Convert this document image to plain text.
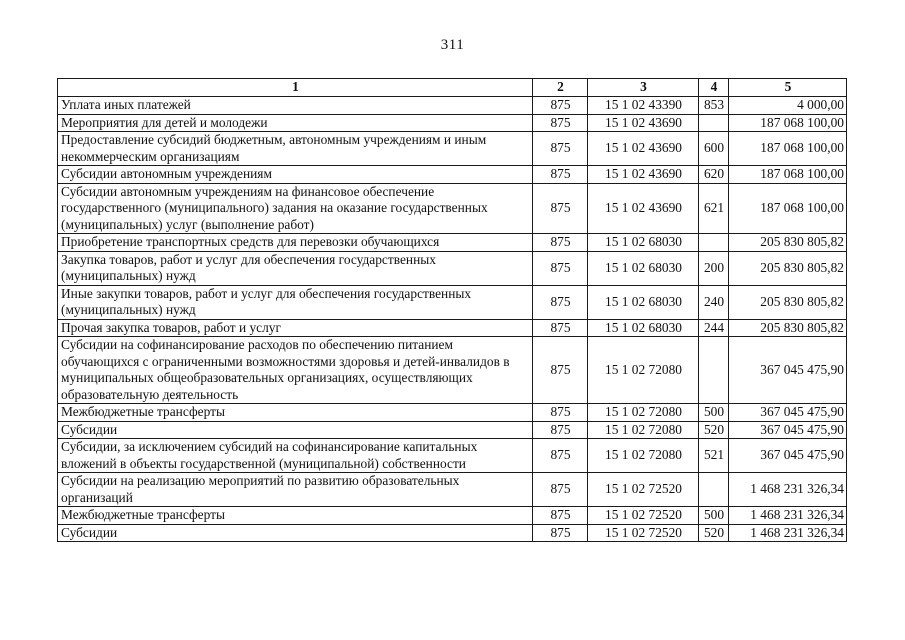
311
1	2	3	4	5
Уплата иных платежей	875	15 1 02 43390	853	4 000,00
Мероприятия для детей и молодежи	875	15 1 02 43690		187 068 100,00
Предоставление субсидий бюджетным, автономным учреждениям и иным некоммерческим организациям	875	15 1 02 43690	600	187 068 100,00
Субсидии автономным учреждениям	875	15 1 02 43690	620	187 068 100,00
Субсидии автономным учреждениям на финансовое обеспечение государственного (муниципального) задания на оказание государственных (муниципальных) услуг (выполнение работ)	875	15 1 02 43690	621	187 068 100,00
Приобретение транспортных средств для перевозки обучающихся	875	15 1 02 68030		205 830 805,82
Закупка товаров, работ и услуг для обеспечения государственных (муниципальных) нужд	875	15 1 02 68030	200	205 830 805,82
Иные закупки товаров, работ и услуг для обеспечения государственных (муниципальных) нужд	875	15 1 02 68030	240	205 830 805,82
Прочая закупка товаров, работ и услуг	875	15 1 02 68030	244	205 830 805,82
Субсидии на софинансирование расходов по обеспечению питанием обучающихся с ограниченными возможностями здоровья и детей-инвалидов в муниципальных общеобразовательных организациях, осуществляющих образовательную деятельность	875	15 1 02 72080		367 045 475,90
Межбюджетные трансферты	875	15 1 02 72080	500	367 045 475,90
Субсидии	875	15 1 02 72080	520	367 045 475,90
Субсидии, за исключением субсидий на софинансирование капитальных вложений в объекты государственной (муниципальной) собственности	875	15 1 02 72080	521	367 045 475,90
Субсидии на реализацию мероприятий по развитию образовательных организаций	875	15 1 02 72520		1 468 231 326,34
Межбюджетные трансферты	875	15 1 02 72520	500	1 468 231 326,34
Субсидии	875	15 1 02 72520	520	1 468 231 326,34
